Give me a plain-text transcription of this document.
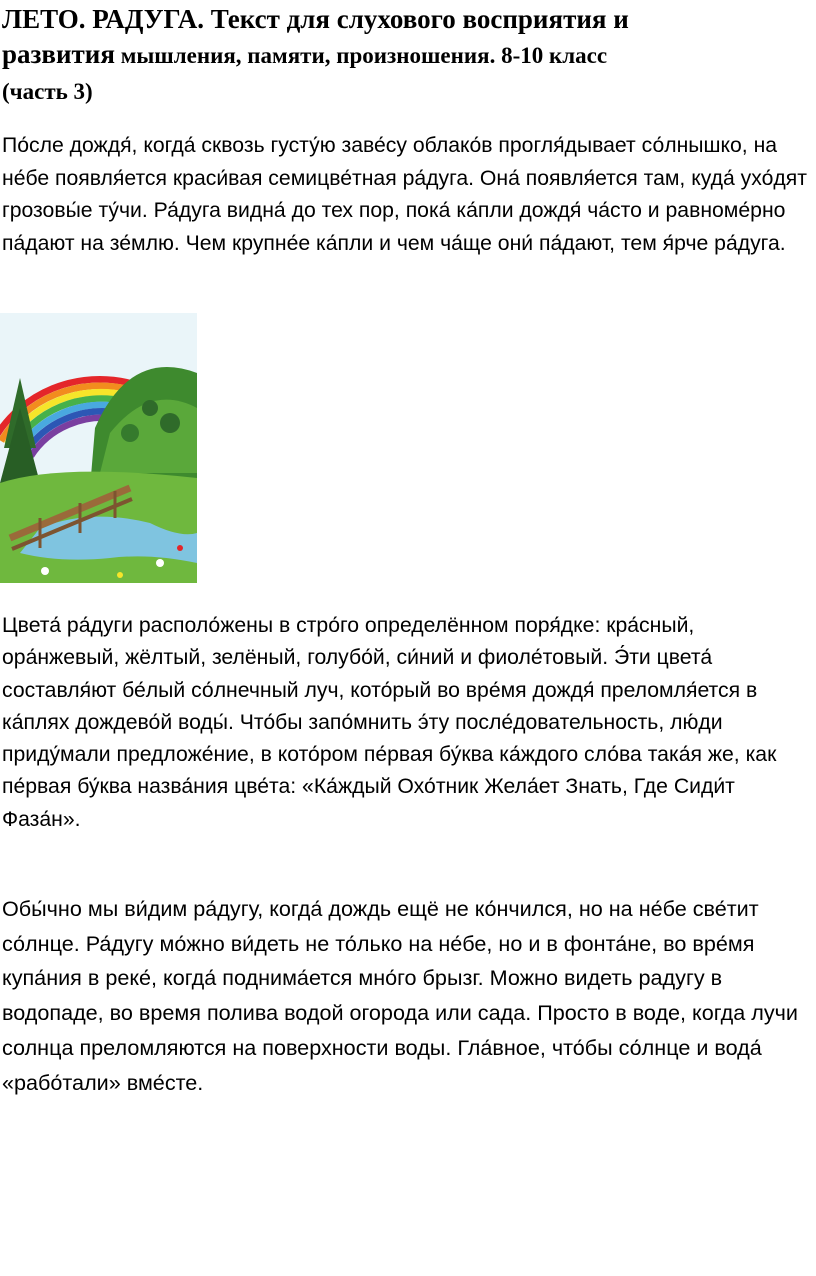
ЛЕТО. РАДУГА. Текст для слухового восприятия и
развития мышления, памяти, произношения. 8-10 класс
(часть 3)

По́сле дождя́, когда́ сквозь густу́ю заве́су облако́в прогля́дывает со́лнышко, на не́бе появля́ется краси́вая семицве́тная ра́дуга. Она́ появля́ется там, куда́ ухо́дят грозовы́е ту́чи. Ра́дуга видна́ до тех пор, пока́ ка́пли дождя́ ча́сто и равноме́рно па́дают на зе́млю. Чем крупне́е ка́пли и чем ча́ще они́ па́дают, тем я́рче ра́дуга.

Цвета́ ра́дуги располо́жены в стро́го определённом поря́дке: кра́сный, ора́нжевый, жёлтый, зелёный, голубо́й, си́ний и фиоле́товый. Э́ти цвета́ составля́ют бе́лый со́лнечный луч, кото́рый во вре́мя дождя́ преломля́ется в ка́плях дождево́й воды́. Что́бы запо́мнить э́ту после́довательность, лю́ди приду́мали предложе́ние, в кото́ром пе́рвая бу́ква ка́ждого сло́ва така́я же, как пе́рвая бу́ква назва́ния цве́та: «Ка́ждый Охо́тник Жела́ет Знать, Где Сиди́т Фаза́н».

Обы́чно мы ви́дим ра́дугу, когда́ дождь ещё не ко́нчился, но на не́бе све́тит со́лнце. Ра́дугу мо́жно ви́деть не то́лько на не́бе, но и в фонта́не, во вре́мя купа́ния в реке́, когда́ поднима́ется мно́го брызг. Можно видеть радугу в водопаде, во время полива водой огорода или сада. Просто в воде, когда лучи солнца преломляются на поверхности воды. Гла́вное, что́бы со́лнце и вода́ «рабо́тали» вме́сте.
